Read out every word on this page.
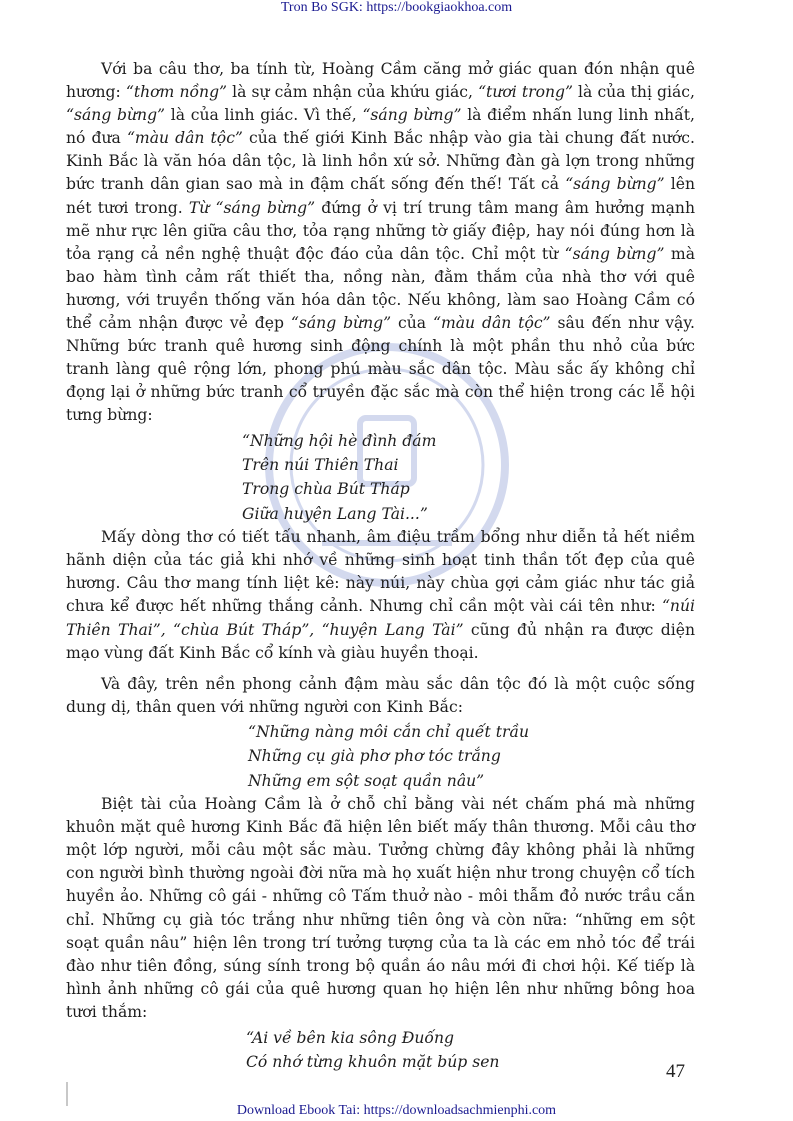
Tron Bo SGK: https://bookgiaokhoa.com

Với ba câu thơ, ba tính từ, Hoàng Cầm căng mở giác quan đón nhận quê hương: “thơm nồng” là sự cảm nhận của khứu giác, “tươi trong” là của thị giác, “sáng bừng” là của linh giác. Vì thế, “sáng bừng” là điểm nhấn lung linh nhất, nó đưa “màu dân tộc” của thế giới Kinh Bắc nhập vào gia tài chung đất nước. Kinh Bắc là văn hóa dân tộc, là linh hồn xứ sở. Những đàn gà lợn trong những bức tranh dân gian sao mà in đậm chất sống đến thế! Tất cả “sáng bừng” lên nét tươi trong. Từ “sáng bừng” đứng ở vị trí trung tâm mang âm hưởng mạnh mẽ như rực lên giữa câu thơ, tỏa rạng những tờ giấy điệp, hay nói đúng hơn là tỏa rạng cả nền nghệ thuật độc đáo của dân tộc. Chỉ một từ “sáng bừng” mà bao hàm tình cảm rất thiết tha, nồng nàn, đằm thắm của nhà thơ với quê hương, với truyền thống văn hóa dân tộc. Nếu không, làm sao Hoàng Cầm có thể cảm nhận được vẻ đẹp “sáng bừng” của “màu dân tộc” sâu đến như vậy. Những bức tranh quê hương sinh động chính là một phần thu nhỏ của bức tranh làng quê rộng lớn, phong phú màu sắc dân tộc. Màu sắc ấy không chỉ đọng lại ở những bức tranh cổ truyền đặc sắc mà còn thể hiện trong các lễ hội tưng bừng:

“Những hội hè đình đám
Trên núi Thiên Thai
Trong chùa Bút Tháp
Giữa huyện Lang Tài...”

Mấy dòng thơ có tiết tấu nhanh, âm điệu trầm bổng như diễn tả hết niềm hãnh diện của tác giả khi nhớ về những sinh hoạt tinh thần tốt đẹp của quê hương. Câu thơ mang tính liệt kê: này núi, này chùa gợi cảm giác như tác giả chưa kể được hết những thắng cảnh. Nhưng chỉ cần một vài cái tên như: “núi Thiên Thai”, “chùa Bút Tháp”, “huyện Lang Tài” cũng đủ nhận ra được diện mạo vùng đất Kinh Bắc cổ kính và giàu huyền thoại.

Và đây, trên nền phong cảnh đậm màu sắc dân tộc đó là một cuộc sống dung dị, thân quen với những người con Kinh Bắc:

“Những nàng môi cắn chỉ quết trầu
Những cụ già phơ phơ tóc trắng
Những em sột soạt quần nâu”

Biệt tài của Hoàng Cầm là ở chỗ chỉ bằng vài nét chấm phá mà những khuôn mặt quê hương Kinh Bắc đã hiện lên biết mấy thân thương. Mỗi câu thơ một lớp người, mỗi câu một sắc màu. Tưởng chừng đây không phải là những con người bình thường ngoài đời nữa mà họ xuất hiện như trong chuyện cổ tích huyền ảo. Những cô gái - những cô Tấm thuở nào - môi thẫm đỏ nước trầu cắn chỉ. Những cụ già tóc trắng như những tiên ông và còn nữa: “những em sột soạt quần nâu” hiện lên trong trí tưởng tượng của ta là các em nhỏ tóc để trái đào như tiên đồng, súng sính trong bộ quần áo nâu mới đi chơi hội. Kế tiếp là hình ảnh những cô gái của quê hương quan họ hiện lên như những bông hoa tươi thắm:

“Ai về bên kia sông Đuống
Có nhớ từng khuôn mặt búp sen	47
Download Ebook Tai: https://downloadsachmienphi.com
